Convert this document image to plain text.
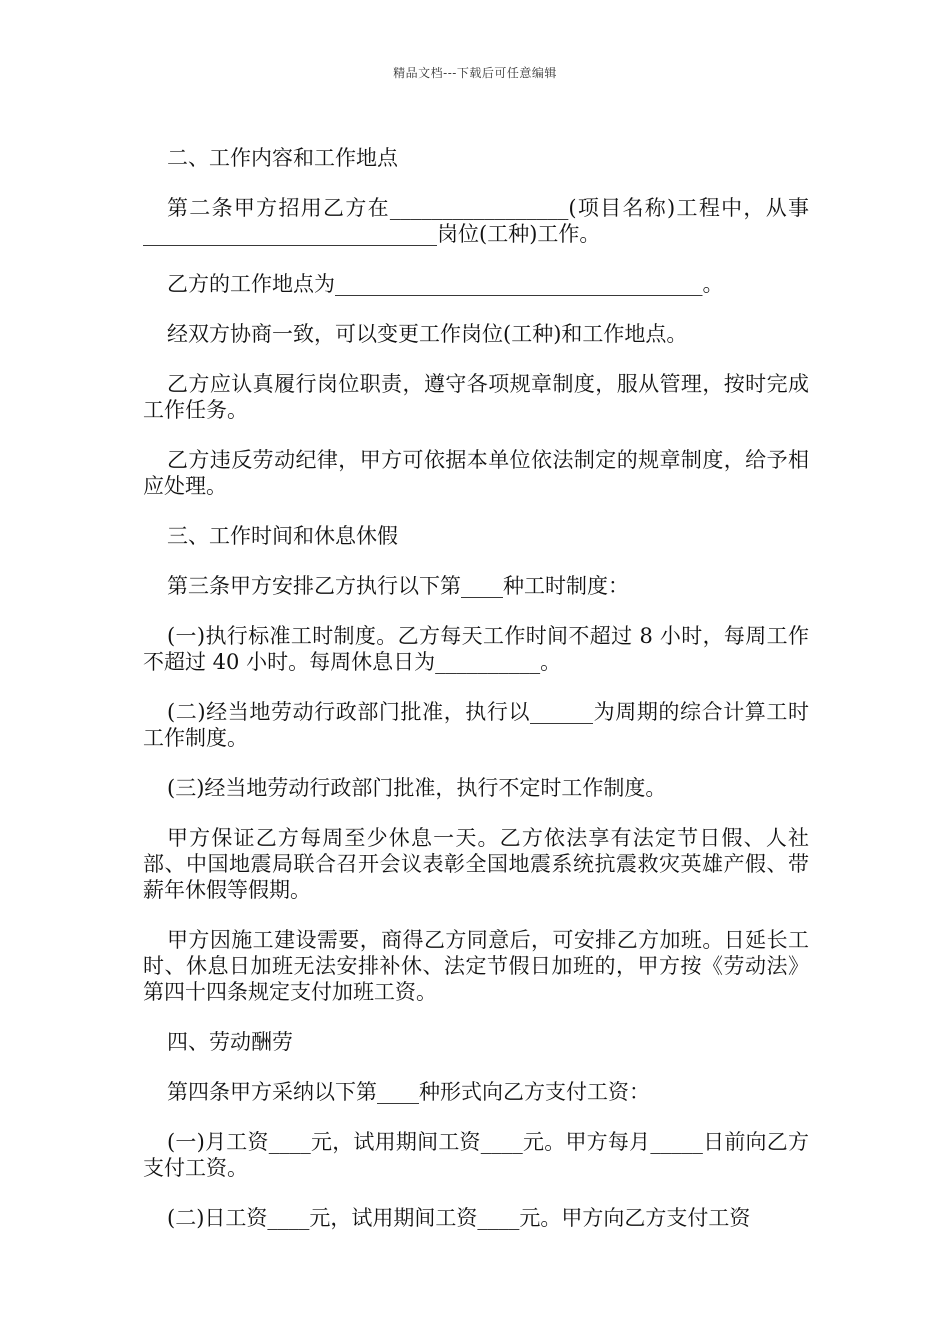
精品文档---下载后可任意编辑

二、工作内容和工作地点

第二条甲方招用乙方在_________________(项目名称)工程中，从事____________________________岗位(工种)工作。

乙方的工作地点为___________________________________。

经双方协商一致，可以变更工作岗位(工种)和工作地点。

乙方应认真履行岗位职责，遵守各项规章制度，服从管理，按时完成工作任务。

乙方违反劳动纪律，甲方可依据本单位依法制定的规章制度，给予相应处理。

三、工作时间和休息休假

第三条甲方安排乙方执行以下第____种工时制度：

(一)执行标准工时制度。乙方每天工作时间不超过 8 小时，每周工作不超过 40 小时。每周休息日为__________。

(二)经当地劳动行政部门批准，执行以______为周期的综合计算工时工作制度。

(三)经当地劳动行政部门批准，执行不定时工作制度。

甲方保证乙方每周至少休息一天。乙方依法享有法定节日假、人社部、中国地震局联合召开会议表彰全国地震系统抗震救灾英雄产假、带薪年休假等假期。

甲方因施工建设需要，商得乙方同意后，可安排乙方加班。日延长工时、休息日加班无法安排补休、法定节假日加班的，甲方按《劳动法》第四十四条规定支付加班工资。

四、劳动酬劳

第四条甲方采纳以下第____种形式向乙方支付工资：

(一)月工资____元，试用期间工资____元。甲方每月_____日前向乙方支付工资。

(二)日工资____元，试用期间工资____元。甲方向乙方支付工资
